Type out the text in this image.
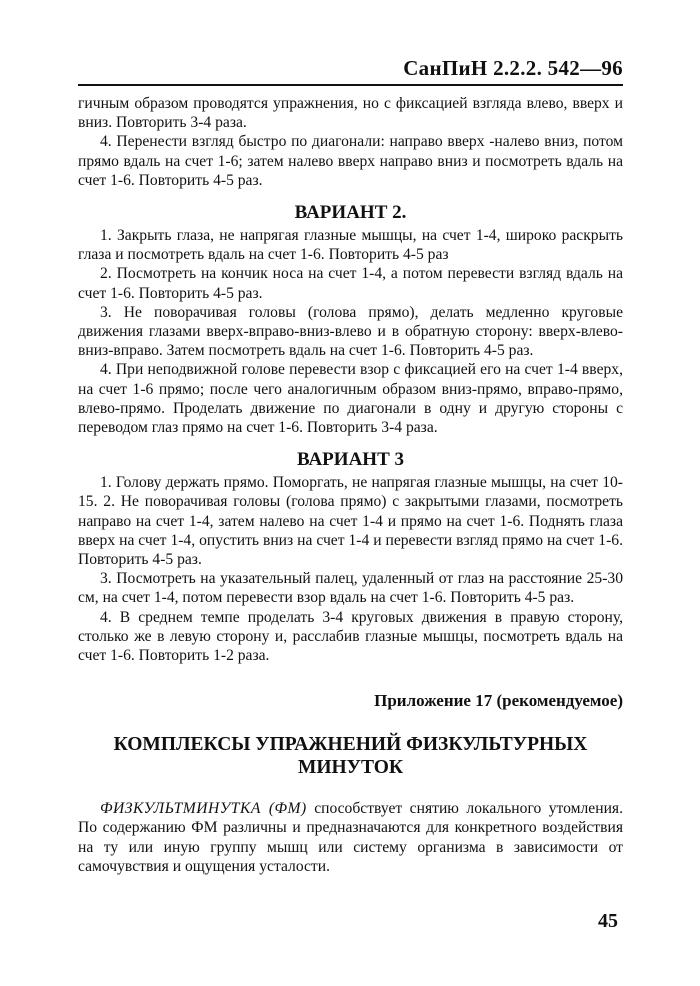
СанПиН 2.2.2. 542—96

гичным образом проводятся упражнения, но с фиксацией взгляда влево, вверх и вниз. Повторить 3-4 раза.

4. Перенести взгляд быстро по диагонали: направо вверх -налево вниз, потом прямо вдаль на счет 1-6; затем налево вверх направо вниз и посмотреть вдаль на счет 1-6. Повторить 4-5 раз.

ВАРИАНТ 2.

1. Закрыть глаза, не напрягая глазные мышцы, на счет 1-4, широко раскрыть глаза и посмотреть вдаль на счет 1-6. Повторить 4-5 раз

2. Посмотреть на кончик носа на счет 1-4, а потом перевести взгляд вдаль на счет 1-6. Повторить 4-5 раз.

3. Не поворачивая головы (голова прямо), делать медленно круговые движения глазами вверх-вправо-вниз-влево и в обратную сторону: вверх-влево-вниз-вправо. Затем посмотреть вдаль на счет 1-6. Повторить 4-5 раз.

4. При неподвижной голове перевести взор с фиксацией его на счет 1-4 вверх, на счет 1-6 прямо; после чего аналогичным образом вниз-прямо, вправо-прямо, влево-прямо. Проделать движение по диагонали в одну и другую стороны с переводом глаз прямо на счет 1-6. Повторить 3-4 раза.

ВАРИАНТ 3

1. Голову держать прямо. Поморгать, не напрягая глазные мышцы, на счет 10-15. 2. Не поворачивая головы (голова прямо) с закрытыми глазами, посмотреть направо на счет 1-4, затем налево на счет 1-4 и прямо на счет 1-6. Поднять глаза вверх на счет 1-4, опустить вниз на счет 1-4 и перевести взгляд прямо на счет 1-6. Повторить 4-5 раз.

3. Посмотреть на указательный палец, удаленный от глаз на расстояние 25-30 см, на счет 1-4, потом перевести взор вдаль на счет 1-6. Повторить 4-5 раз.

4. В среднем темпе проделать 3-4 круговых движения в правую сторону, столько же в левую сторону и, расслабив глазные мышцы, посмотреть вдаль на счет 1-6. Повторить 1-2 раза.

Приложение 17 (рекомендуемое)
КОМПЛЕКСЫ УПРАЖНЕНИЙ ФИЗКУЛЬТУРНЫХ МИНУТОК

ФИЗКУЛЬТМИНУТКА (ФМ) способствует снятию локального утомления. По содержанию ФМ различны и предназначаются для конкретного воздействия на ту или иную группу мышц или систему организма в зависимости от самочувствия и ощущения усталости.

45
